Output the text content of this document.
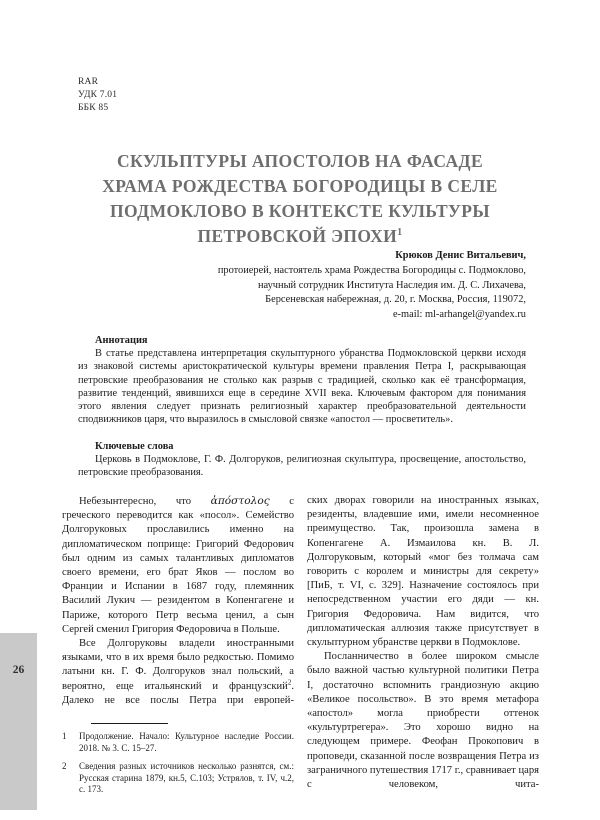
RAR
УДК 7.01
ББК 85
СКУЛЬПТУРЫ АПОСТОЛОВ НА ФАСАДЕ
ХРАМА РОЖДЕСТВА БОГОРОДИЦЫ В СЕЛЕ
ПОДМОКЛОВО В КОНТЕКСТЕ КУЛЬТУРЫ
ПЕТРОВСКОЙ ЭПОХИ$^1$
Крюков Денис Витальевич,
протоиерей, настоятель храма Рождества Богородицы с. Подмоклово,
научный сотрудник Института Наследия им. Д. С. Лихачева,
Берсеневская набережная, д. 20, г. Москва, Россия, 119072,
e-mail: ml-arhangel@yandex.ru
Аннотация

В статье представлена интерпретация скульптурного убранства Подмокловской церкви исходя из знаковой системы аристократической культуры времени правления Петра I, раскрывающая петровские преобразования не столько как разрыв с традицией, сколько как её трансформация, развитие тенденций, явившихся еще в середине XVII века. Ключевым фактором для понимания этого явления следует признать религиозный характер преобразовательной деятельности сподвижников царя, что выразилось в смысловой связке «апостол — просветитель».

Ключевые слова

Церковь в Подмоклове, Г. Ф. Долгоруков, религиозная скульптура, просвещение, апостольство, петровские преобразования.

Небезынтересно, что ἀπόστολος с греческого переводится как «посол». Семейство Долгоруковых прославились именно на дипломатическом поприще: Григорий Федорович был одним из самых талантливых дипломатов своего времени, его брат Яков — послом во Франции и Испании в 1687 году, племянник Василий Лукич — резидентом в Копенгагене и Париже, которого Петр весьма ценил, а сын Сергей сменил Григория Федоровича в Польше.

Все Долгоруковы владели иностранными языками, что в их время было редкостью. Помимо латыни кн. Г. Ф. Долгоруков знал польский, а вероятно, еще итальянский и французский$^2$. Далеко не все послы Петра при европей-

1	Продолжение. Начало: Культурное наследие России. 2018. № 3. С. 15–27.
2	Сведения разных источников несколько разнятся, см.: Русская старина 1879, кн.5, С.103; Устрялов, т. IV, ч.2, с. 173.

ских дворах говорили на иностранных языках, резиденты, владевшие ими, имели несомненное преимущество. Так, произошла замена в Копенгагене А. Измаилова кн. В. Л. Долгоруковым, который «мог без толмача сам говорить с королем и министры для секрету» [ПиБ, т. VI, с. 329]. Назначение состоялось при непосредственном участии его дяди — кн. Григория Федоровича. Нам видится, что дипломатическая аллюзия также присутствует в скульптурном убранстве церкви в Подмоклове.

Посланничество в более широком смысле было важной частью культурной политики Петра I, достаточно вспомнить грандиозную акцию «Великое посольство». В это время метафора «апостол» могла приобрести оттенок «культуртрегера». Это хорошо видно на следующем примере. Феофан Прокопович в проповеди, сказанной после возвращения Петра из заграничного путешествия 1717 г., сравнивает царя с человеком, чита-

26
